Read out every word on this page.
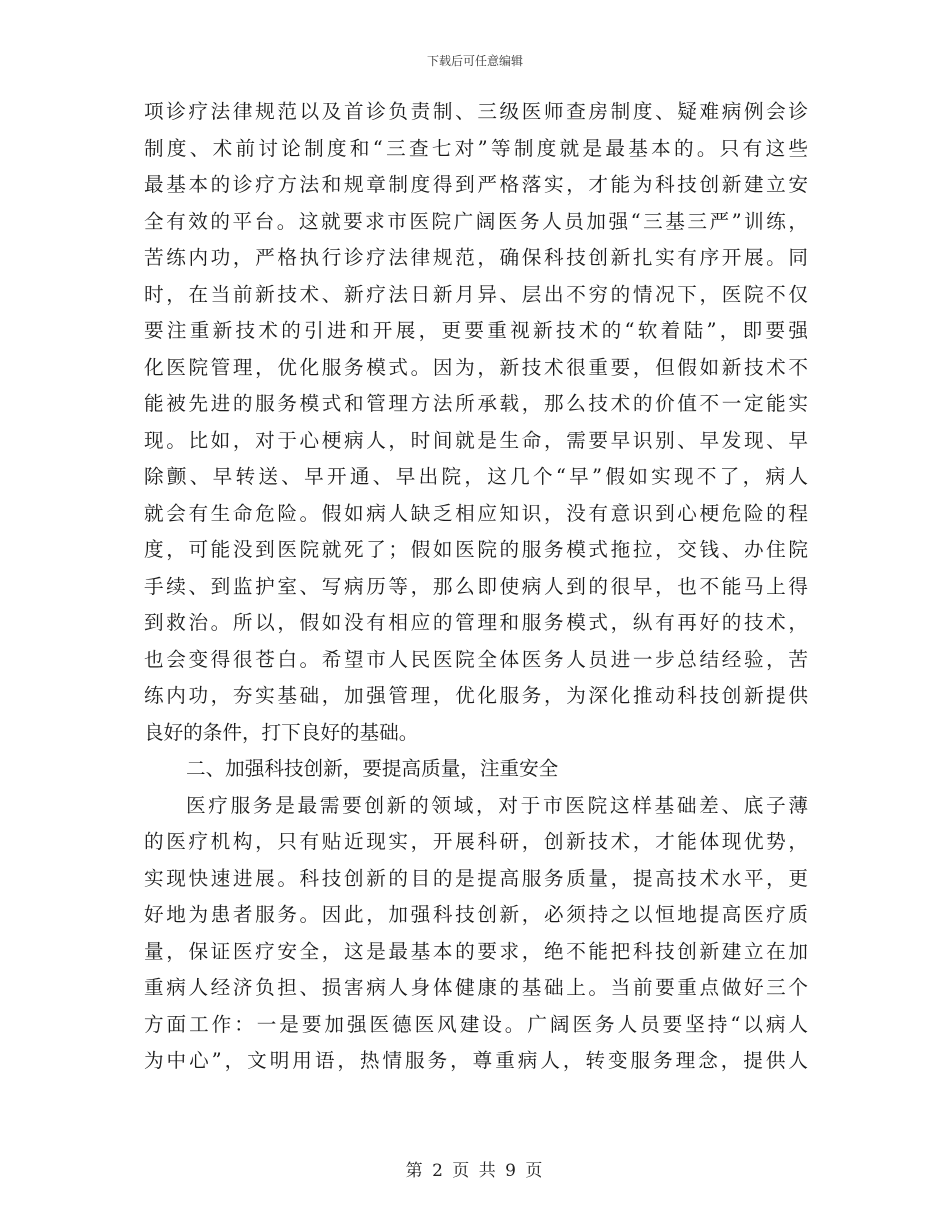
下载后可任意编辑
项诊疗法律规范以及首诊负责制、三级医师查房制度、疑难病例会诊
制度、术前讨论制度和“三查七对”等制度就是最基本的。只有这些
最基本的诊疗方法和规章制度得到严格落实，才能为科技创新建立安
全有效的平台。这就要求市医院广阔医务人员加强“三基三严”训练，
苦练内功，严格执行诊疗法律规范，确保科技创新扎实有序开展。同
时，在当前新技术、新疗法日新月异、层出不穷的情况下，医院不仅
要注重新技术的引进和开展，更要重视新技术的“软着陆”，即要强
化医院管理，优化服务模式。因为，新技术很重要，但假如新技术不
能被先进的服务模式和管理方法所承载，那么技术的价值不一定能实
现。比如，对于心梗病人，时间就是生命，需要早识别、早发现、早
除颤、早转送、早开通、早出院，这几个“早”假如实现不了，病人
就会有生命危险。假如病人缺乏相应知识，没有意识到心梗危险的程
度，可能没到医院就死了；假如医院的服务模式拖拉，交钱、办住院
手续、到监护室、写病历等，那么即使病人到的很早，也不能马上得
到救治。所以，假如没有相应的管理和服务模式，纵有再好的技术，
也会变得很苍白。希望市人民医院全体医务人员进一步总结经验，苦
练内功，夯实基础，加强管理，优化服务，为深化推动科技创新提供
良好的条件，打下良好的基础。
二、加强科技创新，要提高质量，注重安全
医疗服务是最需要创新的领域，对于市医院这样基础差、底子薄
的医疗机构，只有贴近现实，开展科研，创新技术，才能体现优势，
实现快速进展。科技创新的目的是提高服务质量，提高技术水平，更
好地为患者服务。因此，加强科技创新，必须持之以恒地提高医疗质
量，保证医疗安全，这是最基本的要求，绝不能把科技创新建立在加
重病人经济负担、损害病人身体健康的基础上。当前要重点做好三个
方面工作：一是要加强医德医风建设。广阔医务人员要坚持“以病人
为中心”，文明用语，热情服务，尊重病人，转变服务理念，提供人
第 2 页 共 9 页
